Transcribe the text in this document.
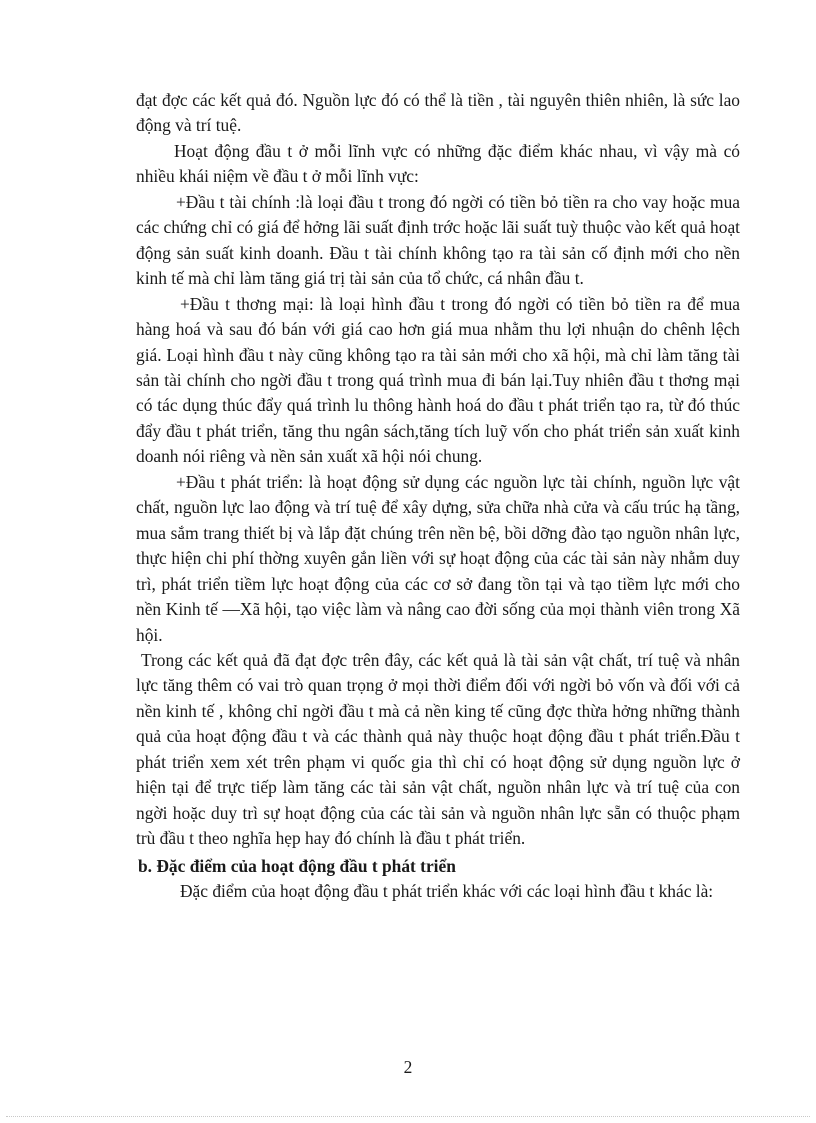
đạt đợc các kết quả đó. Nguồn lực đó có thể là tiền , tài nguyên thiên nhiên, là sức lao động và trí tuệ.

Hoạt động đầu t ở mỗi lĩnh vực có những đặc điểm khác nhau, vì vậy mà có nhiều khái niệm về đầu t ở mỗi lĩnh vực:

+Đầu t tài chính :là loại đầu t trong đó ngời có tiền bỏ tiền ra cho vay hoặc mua các chứng chỉ có giá để hởng lãi suất định trớc hoặc lãi suất tuỳ thuộc vào kết quả hoạt động sản suất kinh doanh. Đầu t tài chính không tạo ra tài sản cố định mới cho nền kinh tế mà chỉ làm tăng giá trị tài sản của tổ chức, cá nhân đầu t.

+Đầu t thơng mại: là loại hình đầu t trong đó ngời có tiền bỏ tiền ra để mua hàng hoá và sau đó bán với giá cao hơn giá mua nhằm thu lợi nhuận do chênh lệch giá. Loại hình đầu t này cũng không tạo ra tài sản mới cho xã hội, mà chỉ làm tăng tài sản tài chính cho ngời đầu t trong quá trình mua đi bán lại.Tuy nhiên đầu t thơng mại có tác dụng thúc đẩy quá trình lu thông hành hoá do đầu t phát triển tạo ra, từ đó thúc đẩy đầu t phát triển, tăng thu ngân sách,tăng tích luỹ vốn cho phát triển sản xuất kinh doanh nói riêng và nền sản xuất xã hội nói chung.

+Đầu t phát triển: là hoạt động sử dụng các nguồn lực tài chính, nguồn lực vật chất, nguồn lực lao động và trí tuệ để xây dựng, sửa chữa nhà cửa và cấu trúc hạ tầng, mua sắm trang thiết bị và lắp đặt chúng trên nền bệ, bồi dỡng đào tạo nguồn nhân lực, thực hiện chi phí thờng xuyên gắn liền với sự hoạt động của các tài sản này nhằm duy trì, phát triển tiềm lực hoạt động của các cơ sở đang tồn tại và tạo tiềm lực mới cho nền Kinh tế —Xã hội, tạo việc làm và nâng cao đời sống của mọi thành viên trong Xã hội.

Trong các kết quả đã đạt đợc trên đây, các kết quả là tài sản vật chất, trí tuệ và nhân lực tăng thêm có vai trò quan trọng ở mọi thời điểm đối với ngời bỏ vốn và đối với cả nền kinh tế , không chỉ ngời đầu t mà cả nền king tế cũng đợc thừa hởng những thành quả của hoạt động đầu t và các thành quả này thuộc hoạt động đầu t phát triển.Đầu t phát triển xem xét trên phạm vi quốc gia thì chỉ có hoạt động sử dụng nguồn lực ở hiện tại để trực tiếp làm tăng các tài sản vật chất, nguồn nhân lực và trí tuệ của con ngời hoặc duy trì sự hoạt động của các tài sản và nguồn nhân lực sẵn có thuộc phạm trù đầu t theo nghĩa hẹp hay đó chính là đầu t phát triển.

b. Đặc điểm của hoạt động đầu t phát triển

Đặc điểm của hoạt động đầu t phát triển khác với các loại hình đầu t khác là:

2
